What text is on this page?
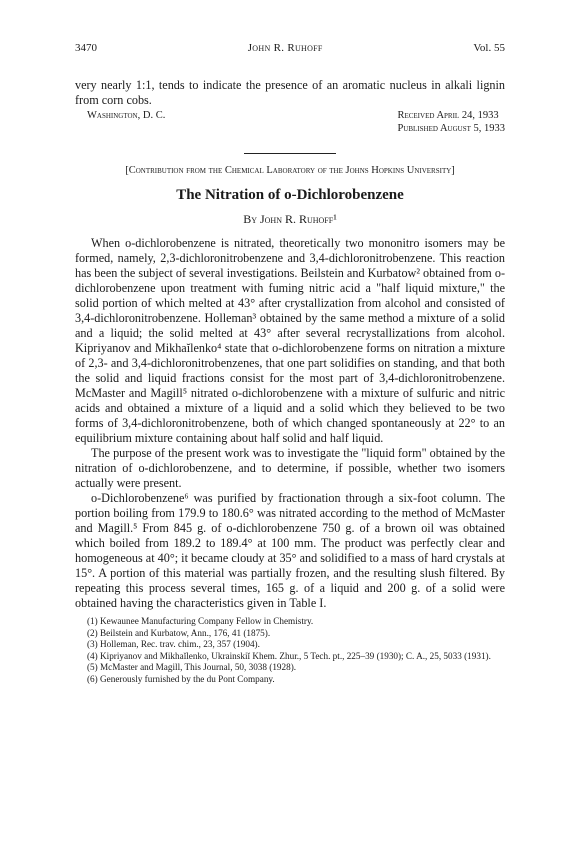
3470	John R. Ruhoff	Vol. 55

very nearly 1:1, tends to indicate the presence of an aromatic nucleus in alkali lignin from corn cobs.

Washington, D. C.	Received April 24, 1933
Published August 5, 1933
[Contribution from the Chemical Laboratory of the Johns Hopkins University]
The Nitration of o-Dichlorobenzene
By John R. Ruhoff¹

When o-dichlorobenzene is nitrated, theoretically two mononitro isomers may be formed, namely, 2,3-dichloronitrobenzene and 3,4-dichloronitrobenzene. This reaction has been the subject of several investigations. Beilstein and Kurbatow² obtained from o-dichlorobenzene upon treatment with fuming nitric acid a "half liquid mixture," the solid portion of which melted at 43° after crystallization from alcohol and consisted of 3,4-dichloronitrobenzene. Holleman³ obtained by the same method a mixture of a solid and a liquid; the solid melted at 43° after several recrystallizations from alcohol. Kipriyanov and Mikhaĭlenko⁴ state that o-dichlorobenzene forms on nitration a mixture of 2,3- and 3,4-dichloronitrobenzenes, that one part solidifies on standing, and that both the solid and liquid fractions consist for the most part of 3,4-dichloronitrobenzene. McMaster and Magill⁵ nitrated o-dichlorobenzene with a mixture of sulfuric and nitric acids and obtained a mixture of a liquid and a solid which they believed to be two forms of 3,4-dichloronitrobenzene, both of which changed spontaneously at 22° to an equilibrium mixture containing about half solid and half liquid.

The purpose of the present work was to investigate the "liquid form" obtained by the nitration of o-dichlorobenzene, and to determine, if possible, whether two isomers actually were present.

o-Dichlorobenzene⁶ was purified by fractionation through a six-foot column. The portion boiling from 179.9 to 180.6° was nitrated according to the method of McMaster and Magill.⁵ From 845 g. of o-dichlorobenzene 750 g. of a brown oil was obtained which boiled from 189.2 to 189.4° at 100 mm. The product was perfectly clear and homogeneous at 40°; it became cloudy at 35° and solidified to a mass of hard crystals at 15°. A portion of this material was partially frozen, and the resulting slush filtered. By repeating this process several times, 165 g. of a liquid and 200 g. of a solid were obtained having the characteristics given in Table I.

(1) Kewaunee Manufacturing Company Fellow in Chemistry.
(2) Beilstein and Kurbatow, Ann., 176, 41 (1875).
(3) Holleman, Rec. trav. chim., 23, 357 (1904).
(4) Kipriyanov and Mikhaĭlenko, Ukrainskiĭ Khem. Zhur., 5 Tech. pt., 225–39 (1930); C. A., 25, 5033 (1931).
(5) McMaster and Magill, This Journal, 50, 3038 (1928).
(6) Generously furnished by the du Pont Company.
